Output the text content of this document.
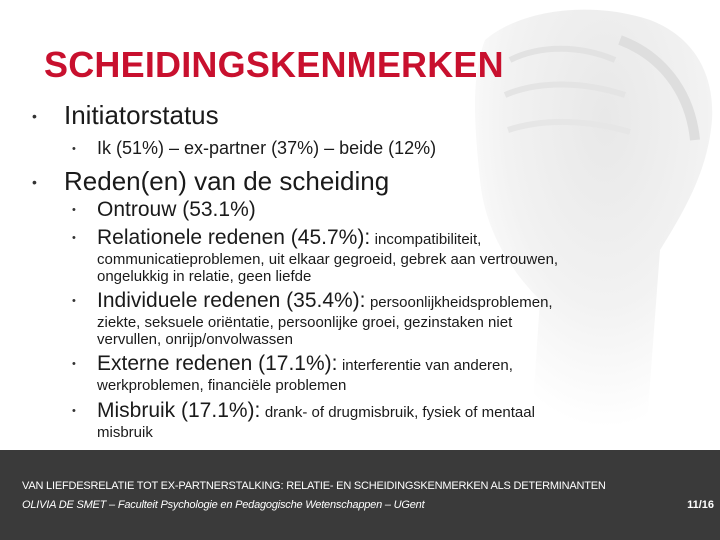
SCHEIDINGSKENMERKEN
• Initiatorstatus
• Ik (51%) – ex-partner (37%) – beide (12%)
• Reden(en) van de scheiding
• Ontrouw (53.1%)
• Relationele redenen (45.7%): incompatibiliteit,
communicatieproblemen, uit elkaar gegroeid, gebrek aan vertrouwen,
ongelukkig in relatie, geen liefde
• Individuele redenen (35.4%): persoonlijkheidsproblemen,
ziekte, seksuele oriëntatie, persoonlijke groei, gezinstaken niet
vervullen, onrijp/onvolwassen
• Externe redenen (17.1%): interferentie van anderen,
werkproblemen, financiële problemen
• Misbruik (17.1%): drank- of drugmisbruik, fysiek of mentaal
misbruik
VAN LIEFDESRELATIE TOT EX-PARTNERSTALKING: RELATIE- EN SCHEIDINGSKENMERKEN ALS DETERMINANTEN
OLIVIA DE SMET – Faculteit Psychologie en Pedagogische Wetenschappen – UGent	11/16
